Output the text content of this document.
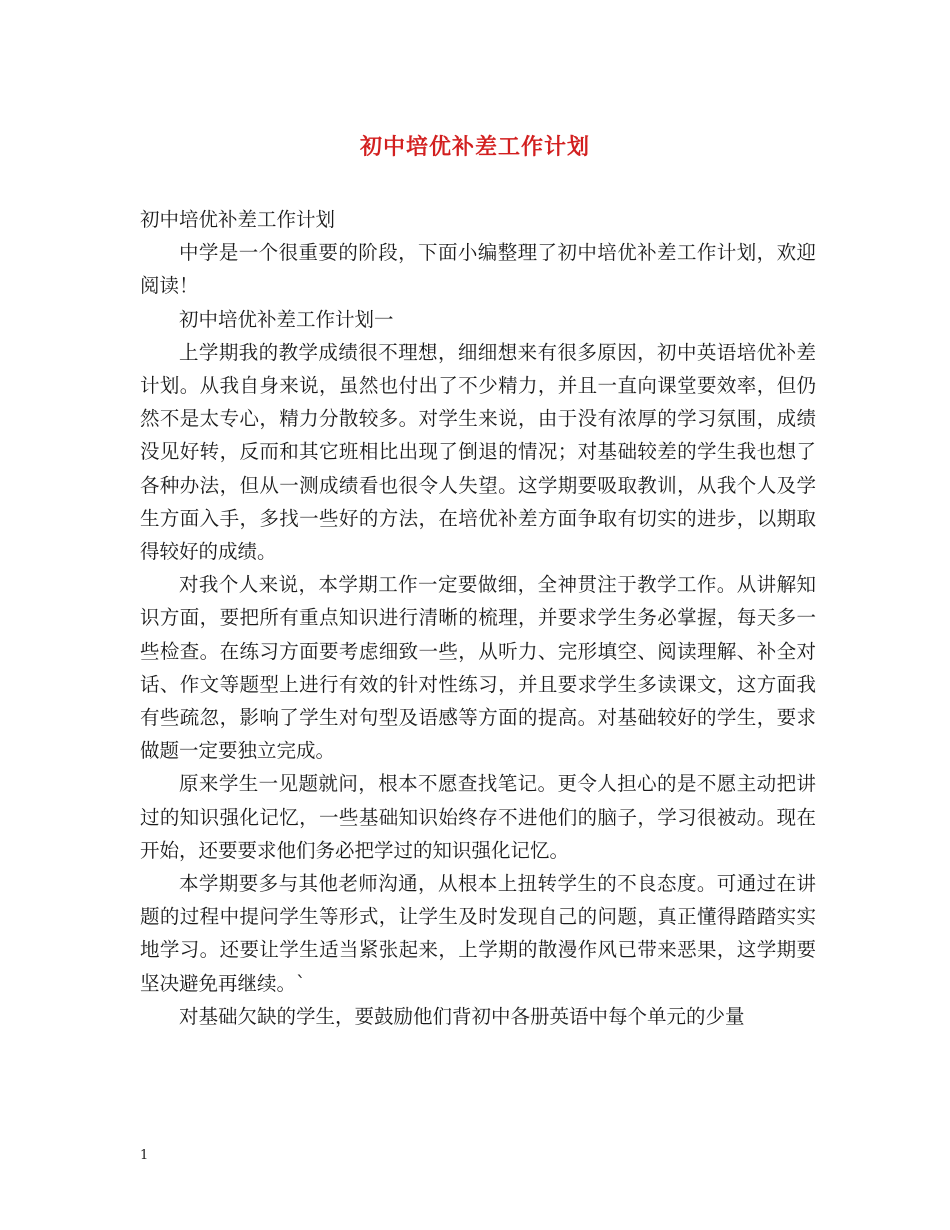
初中培优补差工作计划

初中培优补差工作计划

中学是一个很重要的阶段，下面小编整理了初中培优补差工作计划，欢迎阅读！

初中培优补差工作计划一

上学期我的教学成绩很不理想，细细想来有很多原因，初中英语培优补差计划。从我自身来说，虽然也付出了不少精力，并且一直向课堂要效率，但仍然不是太专心，精力分散较多。对学生来说，由于没有浓厚的学习氛围，成绩没见好转，反而和其它班相比出现了倒退的情况；对基础较差的学生我也想了各种办法，但从一测成绩看也很令人失望。这学期要吸取教训，从我个人及学生方面入手，多找一些好的方法，在培优补差方面争取有切实的进步，以期取得较好的成绩。

对我个人来说，本学期工作一定要做细，全神贯注于教学工作。从讲解知识方面，要把所有重点知识进行清晰的梳理，并要求学生务必掌握，每天多一些检查。在练习方面要考虑细致一些，从听力、完形填空、阅读理解、补全对话、作文等题型上进行有效的针对性练习，并且要求学生多读课文，这方面我有些疏忽，影响了学生对句型及语感等方面的提高。对基础较好的学生，要求做题一定要独立完成。

原来学生一见题就问，根本不愿查找笔记。更令人担心的是不愿主动把讲过的知识强化记忆，一些基础知识始终存不进他们的脑子，学习很被动。现在开始，还要要求他们务必把学过的知识强化记忆。

本学期要多与其他老师沟通，从根本上扭转学生的不良态度。可通过在讲题的过程中提问学生等形式，让学生及时发现自己的问题，真正懂得踏踏实实地学习。还要让学生适当紧张起来，上学期的散漫作风已带来恶果，这学期要坚决避免再继续。`

对基础欠缺的学生，要鼓励他们背初中各册英语中每个单元的少量

1
